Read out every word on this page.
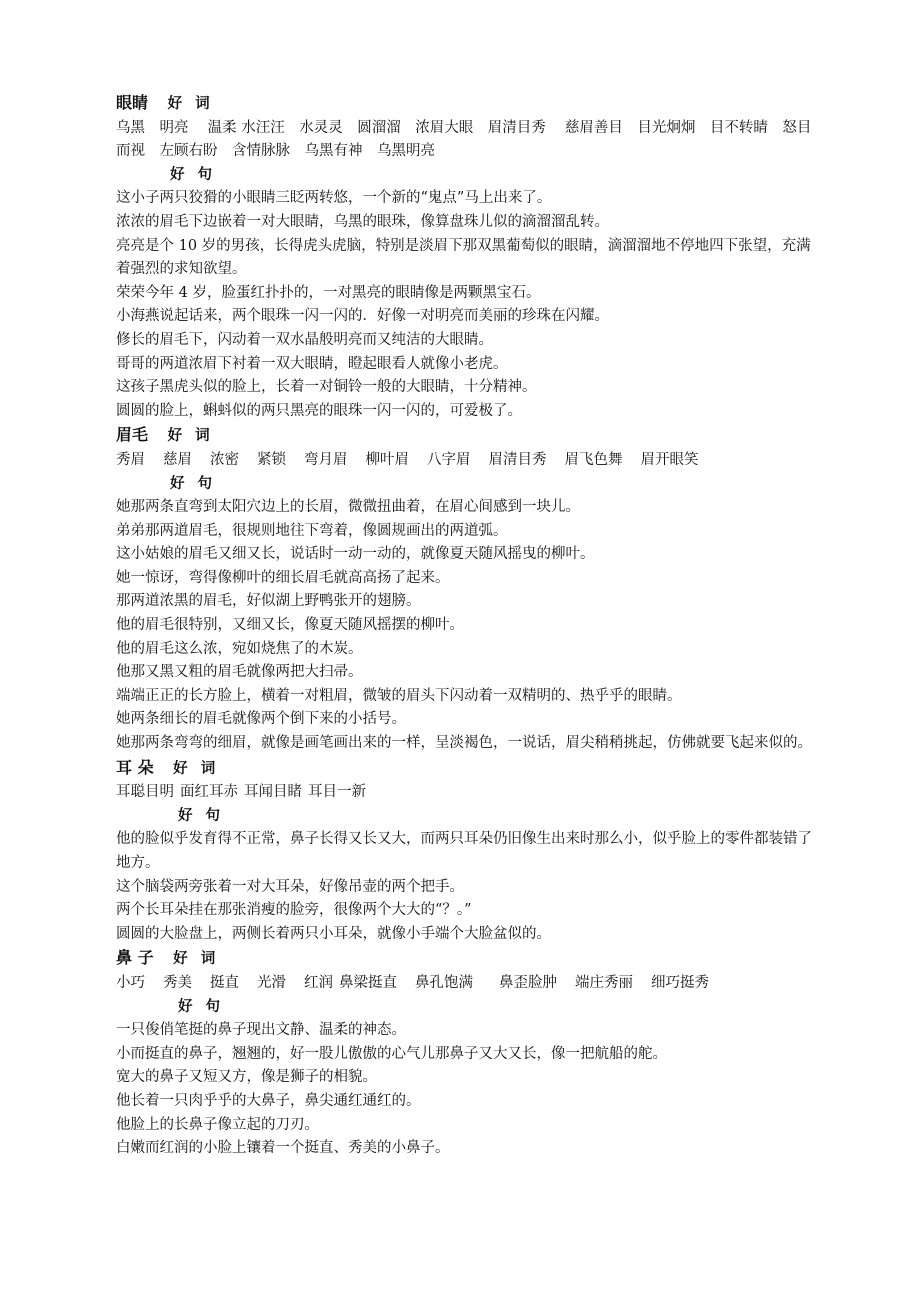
眼睛 好 词
乌黑　明亮　 温柔 水汪汪　水灵灵　圆溜溜　浓眉大眼　眉清目秀　 慈眉善目　目光炯炯　目不转睛　怒目而视　左顾右盼　含情脉脉　乌黑有神　乌黑明亮
好 句
这小子两只狡猾的小眼睛三眨两转悠，一个新的“鬼点”马上出来了。
浓浓的眉毛下边嵌着一对大眼睛，乌黑的眼珠，像算盘珠儿似的滴溜溜乱转。
亮亮是个 10 岁的男孩，长得虎头虎脑，特别是淡眉下那双黑葡萄似的眼睛，滴溜溜地不停地四下张望，充满着强烈的求知欲望。
荣荣今年 4 岁，脸蛋红扑扑的，一对黑亮的眼睛像是两颗黑宝石。
小海燕说起话来，两个眼珠一闪一闪的．好像一对明亮而美丽的珍珠在闪耀。
修长的眉毛下，闪动着一双水晶般明亮而又纯洁的大眼睛。
哥哥的两道浓眉下衬着一双大眼睛，瞪起眼看人就像小老虎。
这孩子黑虎头似的脸上，长着一对铜铃一般的大眼睛，十分精神。
圆圆的脸上，蝌蚪似的两只黑亮的眼珠一闪一闪的，可爱极了。
眉毛 好 词
秀眉 慈眉 浓密 紧锁 弯月眉 柳叶眉 八字眉 眉清目秀 眉飞色舞 眉开眼笑
好 句
她那两条直弯到太阳穴边上的长眉，微微扭曲着，在眉心间感到一块儿。
弟弟那两道眉毛，很规则地往下弯着，像圆规画出的两道弧。
这小姑娘的眉毛又细又长，说话时一动一动的，就像夏天随风摇曳的柳叶。
她一惊讶，弯得像柳叶的细长眉毛就高高扬了起来。
那两道浓黑的眉毛，好似湖上野鸭张开的翅膀。
他的眉毛很特别，又细又长，像夏天随风摇摆的柳叶。
他的眉毛这么浓，宛如烧焦了的木炭。
他那又黑又粗的眉毛就像两把大扫帚。
端端正正的长方脸上，横着一对粗眉，微皱的眉头下闪动着一双精明的、热乎乎的眼睛。
她两条细长的眉毛就像两个倒下来的小括号。
她那两条弯弯的细眉，就像是画笔画出来的一样，呈淡褐色，一说话，眉尖稍稍挑起，仿佛就要飞起来似的。
耳 朵 好 词
耳聪目明 面红耳赤 耳闻目睹 耳目一新
好 句
他的脸似乎发育得不正常，鼻子长得又长又大，而两只耳朵仍旧像生出来时那么小，似乎脸上的零件都装错了地方。
这个脑袋两旁张着一对大耳朵，好像吊壶的两个把手。
两个长耳朵挂在那张消瘦的脸旁，很像两个大大的“？。”
圆圆的大脸盘上，两侧长着两只小耳朵，就像小手端个大脸盆似的。
鼻 子 好 词
小巧 秀美 挺直 光滑 红润 鼻梁挺直 鼻孔饱满 鼻歪脸肿 端庄秀丽 细巧挺秀
好 句
一只俊俏笔挺的鼻子现出文静、温柔的神态。
小而挺直的鼻子，翘翘的，好一股儿傲傲的心气儿那鼻子又大又长，像一把航船的舵。
宽大的鼻子又短又方，像是狮子的相貌。
他长着一只肉乎乎的大鼻子，鼻尖通红通红的。
他脸上的长鼻子像立起的刀刃。
白嫩而红润的小脸上镶着一个挺直、秀美的小鼻子。
